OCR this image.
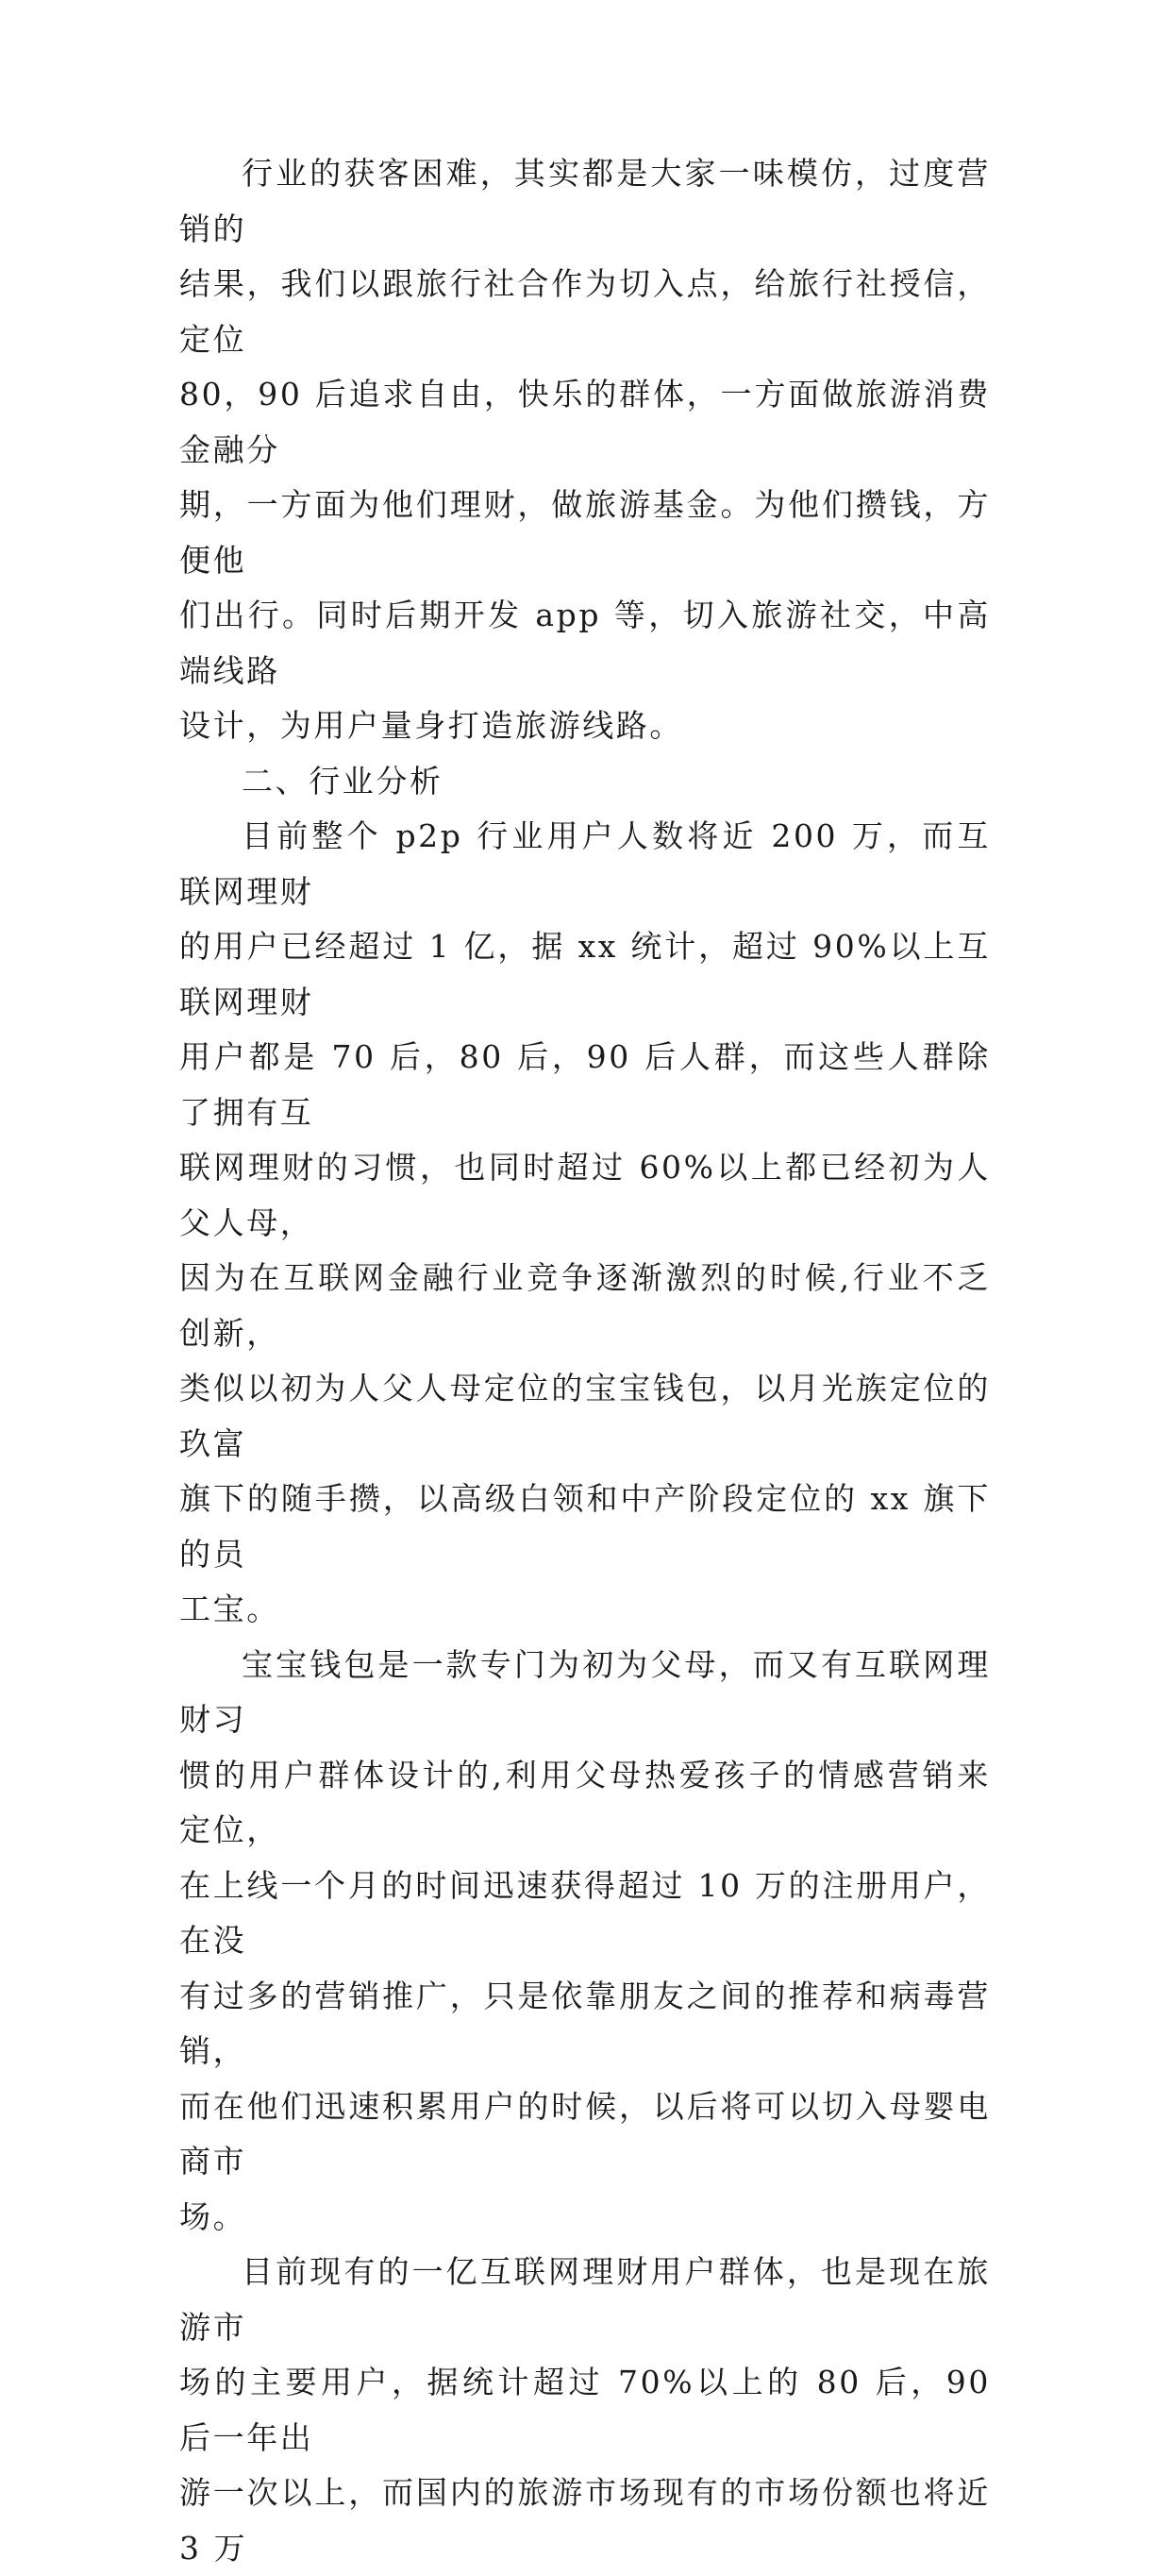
行业的获客困难，其实都是大家一味模仿，过度营销的
结果，我们以跟旅行社合作为切入点，给旅行社授信，定位
80，90 后追求自由，快乐的群体，一方面做旅游消费金融分
期，一方面为他们理财，做旅游基金。为他们攒钱，方便他
们出行。同时后期开发 app 等，切入旅游社交，中高端线路
设计，为用户量身打造旅游线路。

二、行业分析

目前整个 p2p 行业用户人数将近 200 万，而互联网理财
的用户已经超过 1 亿，据 xx 统计，超过 90%以上互联网理财
用户都是 70 后，80 后，90 后人群，而这些人群除了拥有互
联网理财的习惯，也同时超过 60%以上都已经初为人父人母，
因为在互联网金融行业竞争逐渐激烈的时候,行业不乏创新，
类似以初为人父人母定位的宝宝钱包，以月光族定位的玖富
旗下的随手攒，以高级白领和中产阶段定位的 xx 旗下的员
工宝。

宝宝钱包是一款专门为初为父母，而又有互联网理财习
惯的用户群体设计的,利用父母热爱孩子的情感营销来定位，
在上线一个月的时间迅速获得超过 10 万的注册用户，在没
有过多的营销推广，只是依靠朋友之间的推荐和病毒营销，
而在他们迅速积累用户的时候，以后将可以切入母婴电商市
场。

目前现有的一亿互联网理财用户群体，也是现在旅游市
场的主要用户，据统计超过 70%以上的 80 后，90 后一年出
游一次以上，而国内的旅游市场现有的市场份额也将近 3 万
